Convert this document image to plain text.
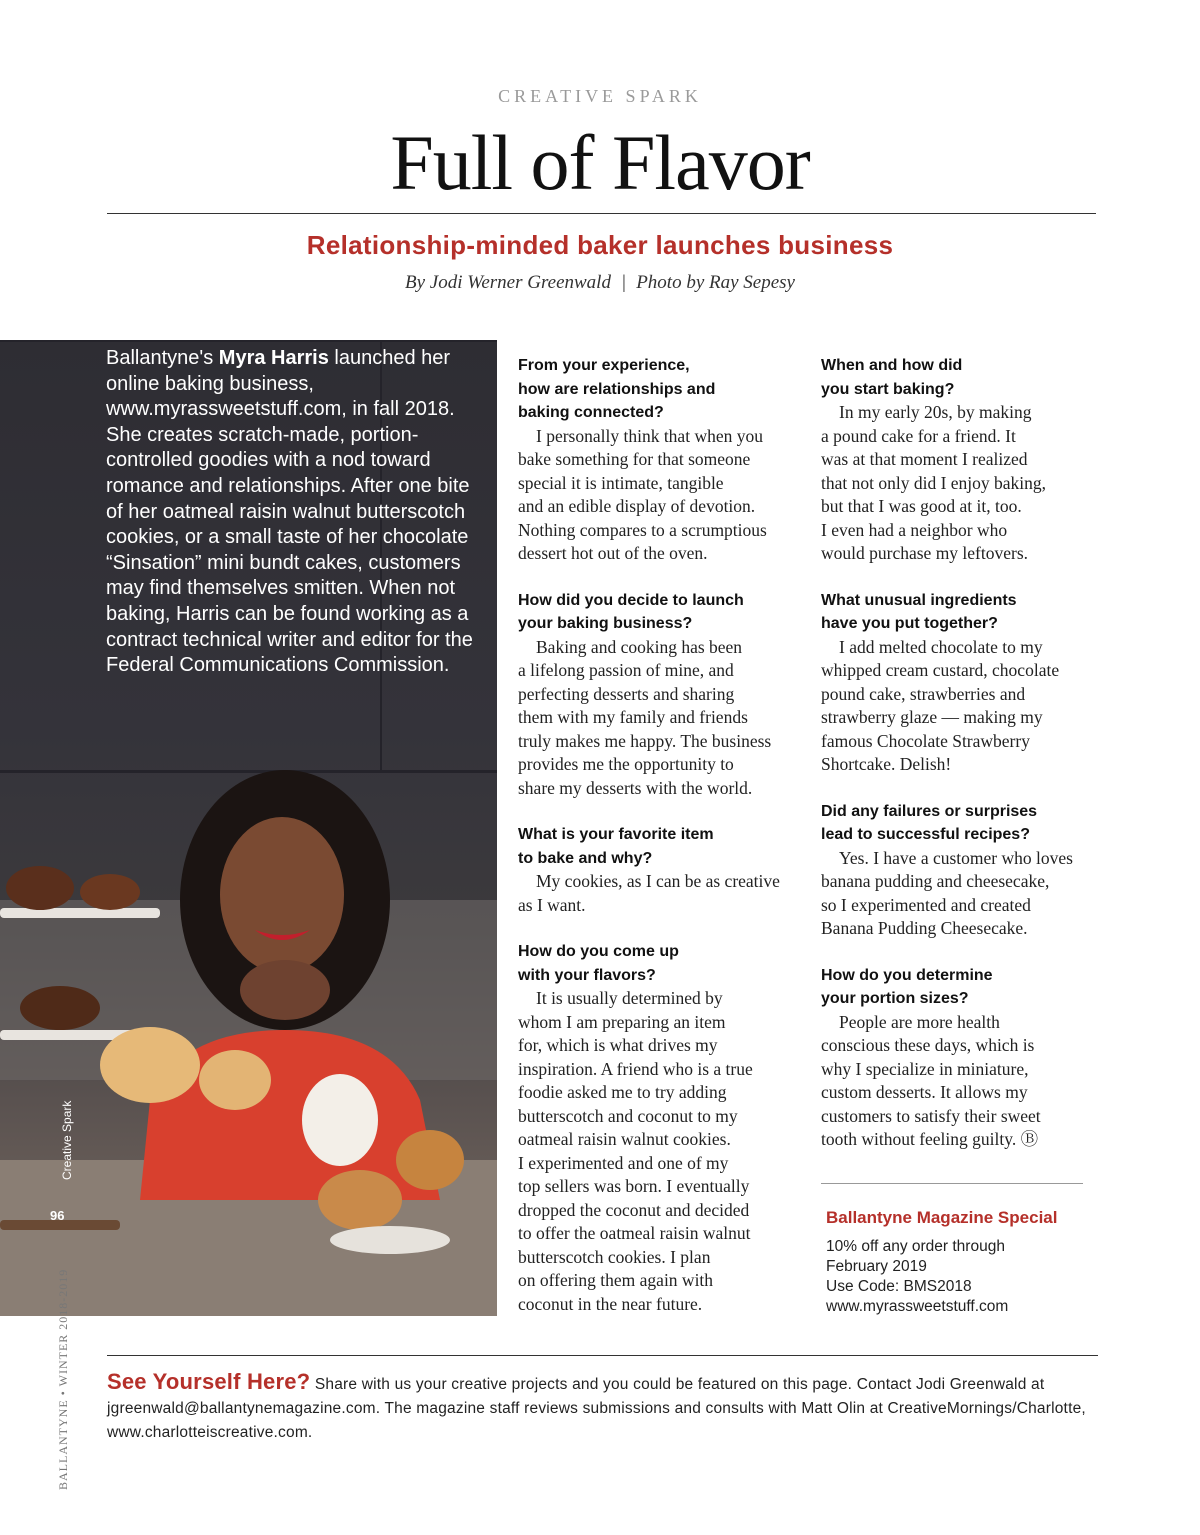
CREATIVE SPARK
Full of Flavor
Relationship-minded baker launches business
By Jodi Werner Greenwald | Photo by Ray Sepesy
Creative Spark
96
Ballantyne's Myra Harris launched her online baking business, www.myrassweetstuff.com, in fall 2018. She creates scratch-made, portion-controlled goodies with a nod toward romance and relationships. After one bite of her oatmeal raisin walnut butterscotch cookies, or a small taste of her chocolate “Sinsation” mini bundt cakes, customers may find themselves smitten. When not baking, Harris can be found working as a contract technical writer and editor for the Federal Communications Commission.
From your experience,
how are relationships and
baking connected?
I personally think that when you
bake something for that someone
special it is intimate, tangible
and an edible display of devotion.
Nothing compares to a scrumptious
dessert hot out of the oven.
How did you decide to launch
your baking business?
Baking and cooking has been
a lifelong passion of mine, and
perfecting desserts and sharing
them with my family and friends
truly makes me happy. The business
provides me the opportunity to
share my desserts with the world.
What is your favorite item
to bake and why?
My cookies, as I can be as creative
as I want.
How do you come up
with your flavors?
It is usually determined by
whom I am preparing an item
for, which is what drives my
inspiration. A friend who is a true
foodie asked me to try adding
butterscotch and coconut to my
oatmeal raisin walnut cookies.
I experimented and one of my
top sellers was born. I eventually
dropped the coconut and decided
to offer the oatmeal raisin walnut
butterscotch cookies. I plan
on offering them again with
coconut in the near future.
When and how did
you start baking?
In my early 20s, by making
a pound cake for a friend. It
was at that moment I realized
that not only did I enjoy baking,
but that I was good at it, too.
I even had a neighbor who
would purchase my leftovers.
What unusual ingredients
have you put together?
I add melted chocolate to my
whipped cream custard, chocolate
pound cake, strawberries and
strawberry glaze — making my
famous Chocolate Strawberry
Shortcake. Delish!
Did any failures or surprises
lead to successful recipes?
Yes. I have a customer who loves
banana pudding and cheesecake,
so I experimented and created
Banana Pudding Cheesecake.
How do you determine
your portion sizes?
People are more health
conscious these days, which is
why I specialize in miniature,
custom desserts. It allows my
customers to satisfy their sweet
tooth without feeling guilty. Ⓑ
Ballantyne Magazine Special
10% off any order through
February 2019
Use Code: BMS2018
www.myrassweetstuff.com
See Yourself Here? Share with us your creative projects and you could be featured on this page. Contact Jodi Greenwald at jgreenwald@ballantynemagazine.com. The magazine staff reviews submissions and consults with Matt Olin at CreativeMornings/Charlotte, www.charlotteiscreative.com.
BALLANTYNE • WINTER 2018-2019
